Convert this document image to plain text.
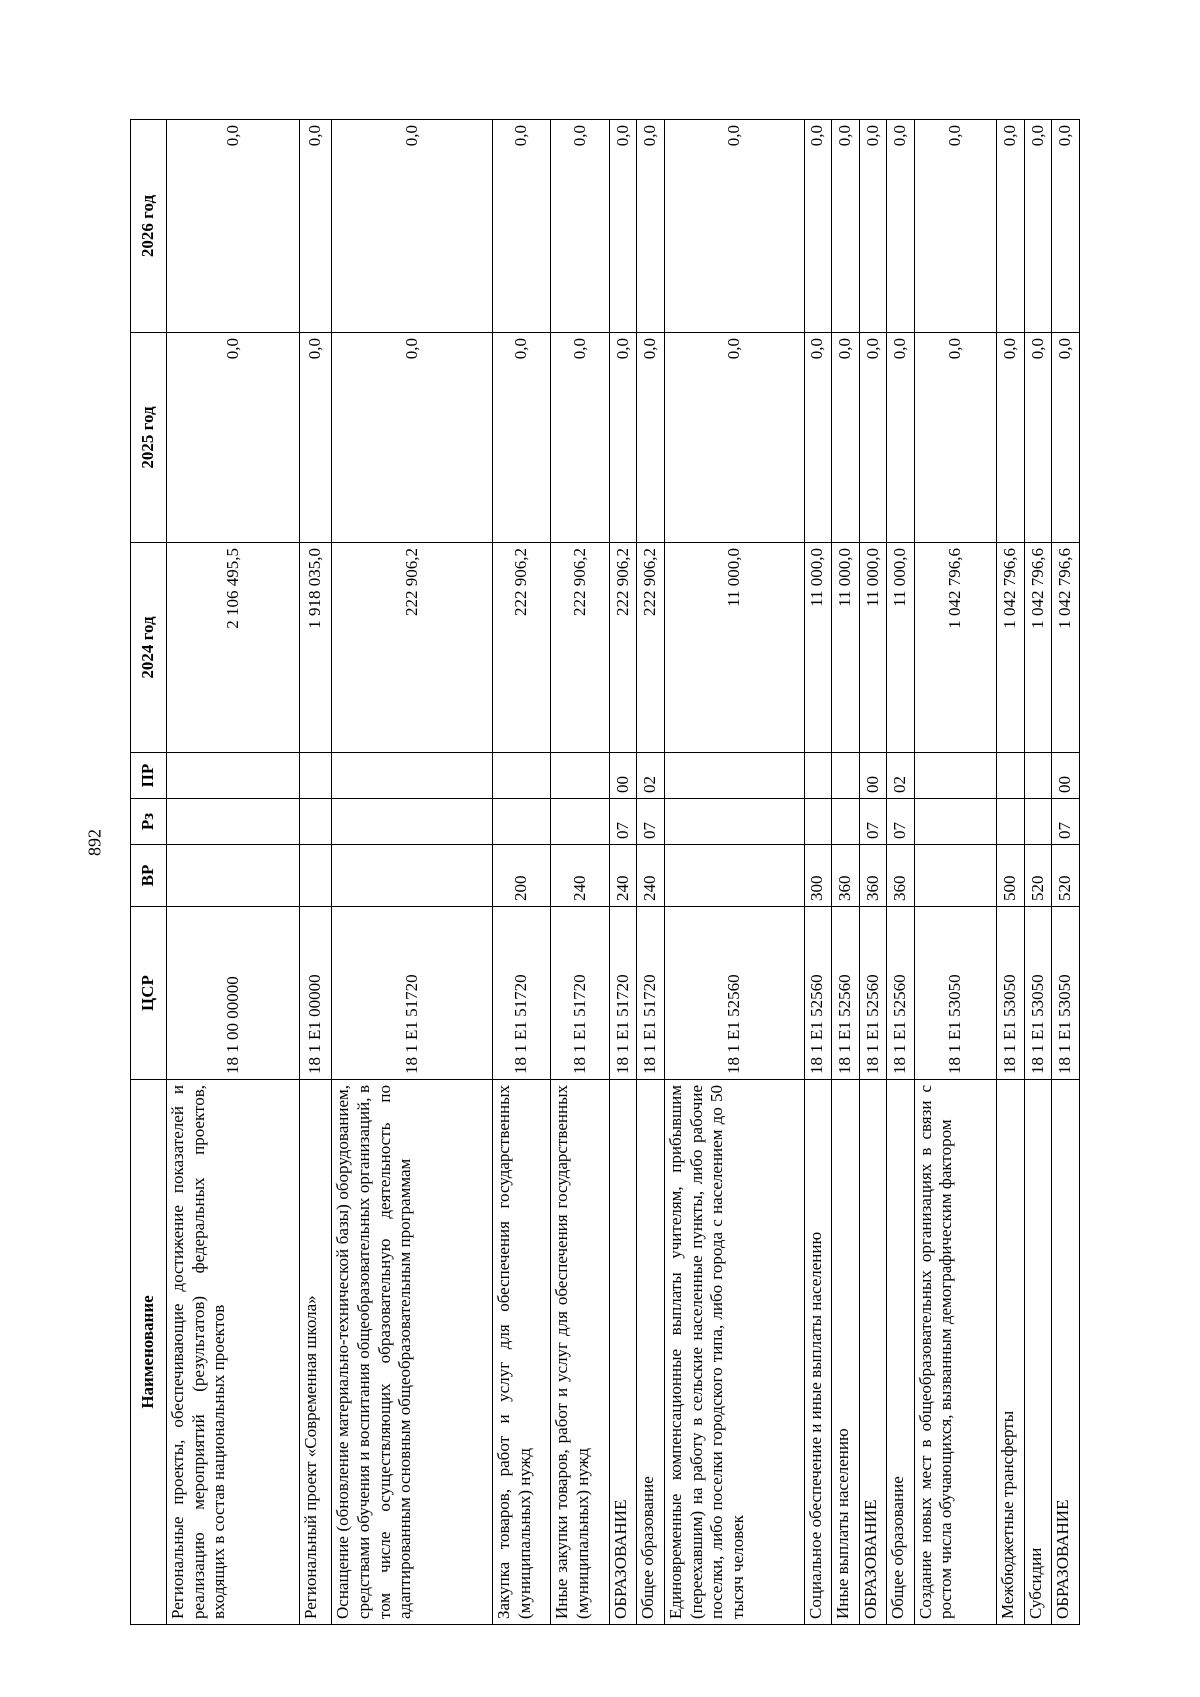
892
Наименование	ЦСР	ВР	Рз	ПР	2024 год	2025 год	2026 год
Региональные проекты, обеспечивающие достижение показателей и реализацию мероприятий (результатов) федеральных проектов, входящих в состав национальных проектов	18 1 00 00000				2 106 495,5	0,0	0,0
Региональный проект «Современная школа»	18 1 E1 00000				1 918 035,0	0,0	0,0
Оснащение (обновление материально-технической базы) оборудованием, средствами обучения и воспитания общеобразовательных организаций, в том числе осуществляющих образовательную деятельность по адаптированным основным общеобразовательным программам	18 1 E1 51720				222 906,2	0,0	0,0
Закупка товаров, работ и услуг для обеспечения государственных (муниципальных) нужд	18 1 E1 51720	200			222 906,2	0,0	0,0
Иные закупки товаров, работ и услуг для обеспечения государственных (муниципальных) нужд	18 1 E1 51720	240			222 906,2	0,0	0,0
ОБРАЗОВАНИЕ	18 1 E1 51720	240	07	00	222 906,2	0,0	0,0
Общее образование	18 1 E1 51720	240	07	02	222 906,2	0,0	0,0
Единовременные компенсационные выплаты учителям, прибывшим (переехавшим) на работу в сельские населенные пункты, либо рабочие поселки, либо поселки городского типа, либо города с населением до 50 тысяч человек	18 1 E1 52560				11 000,0	0,0	0,0
Социальное обеспечение и иные выплаты населению	18 1 E1 52560	300			11 000,0	0,0	0,0
Иные выплаты населению	18 1 E1 52560	360			11 000,0	0,0	0,0
ОБРАЗОВАНИЕ	18 1 E1 52560	360	07	00	11 000,0	0,0	0,0
Общее образование	18 1 E1 52560	360	07	02	11 000,0	0,0	0,0
Создание новых мест в общеобразовательных организациях в связи с ростом числа обучающихся, вызванным демографическим фактором	18 1 E1 53050				1 042 796,6	0,0	0,0
Межбюджетные трансферты	18 1 E1 53050	500			1 042 796,6	0,0	0,0
Субсидии	18 1 E1 53050	520			1 042 796,6	0,0	0,0
ОБРАЗОВАНИЕ	18 1 E1 53050	520	07	00	1 042 796,6	0,0	0,0
